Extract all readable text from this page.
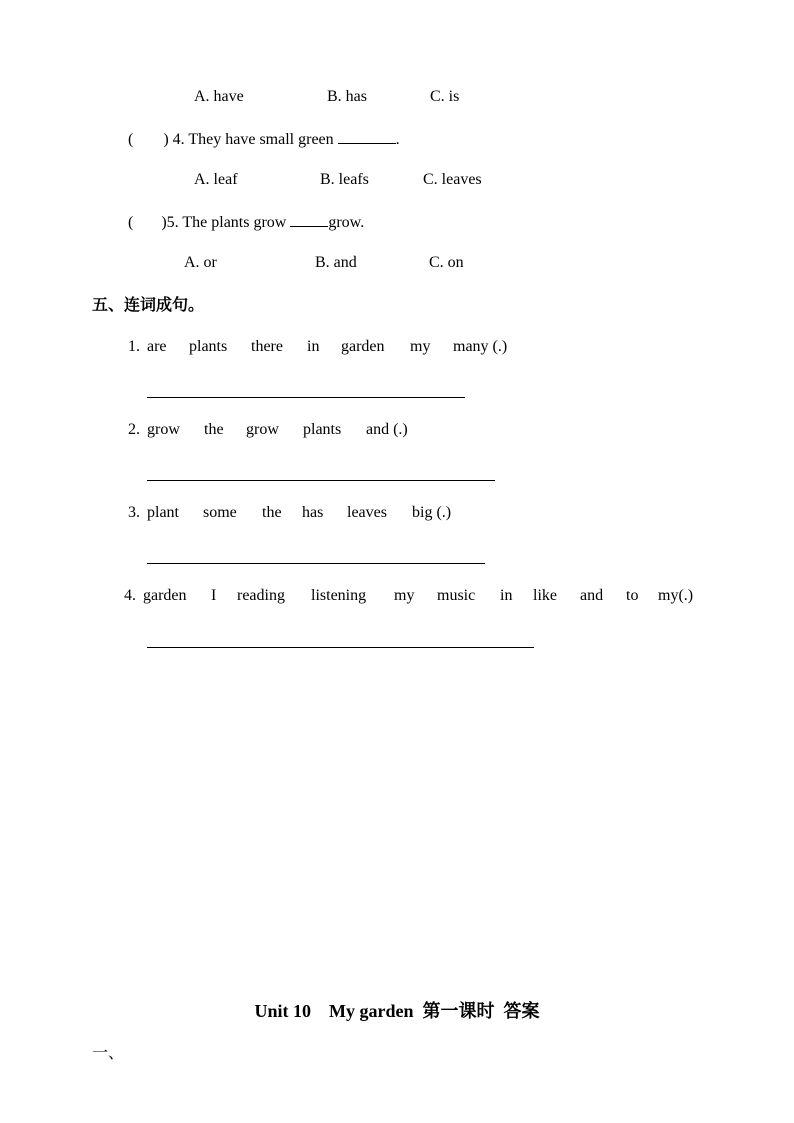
A. have	B. has	C. is
( ) 4. They have small green	.
A. leaf	B. leafs	C. leaves
( )5. The plants grow	grow.
A. or	B. and	C. on
五、连词成句。
1. are plants there in garden my many (.)
2. grow the grow plants and (.)
3. plant some the has leaves big (.)
4. garden I reading listening my music in like and to my(.)
Unit 10    My garden  第一课时  答案
一、
